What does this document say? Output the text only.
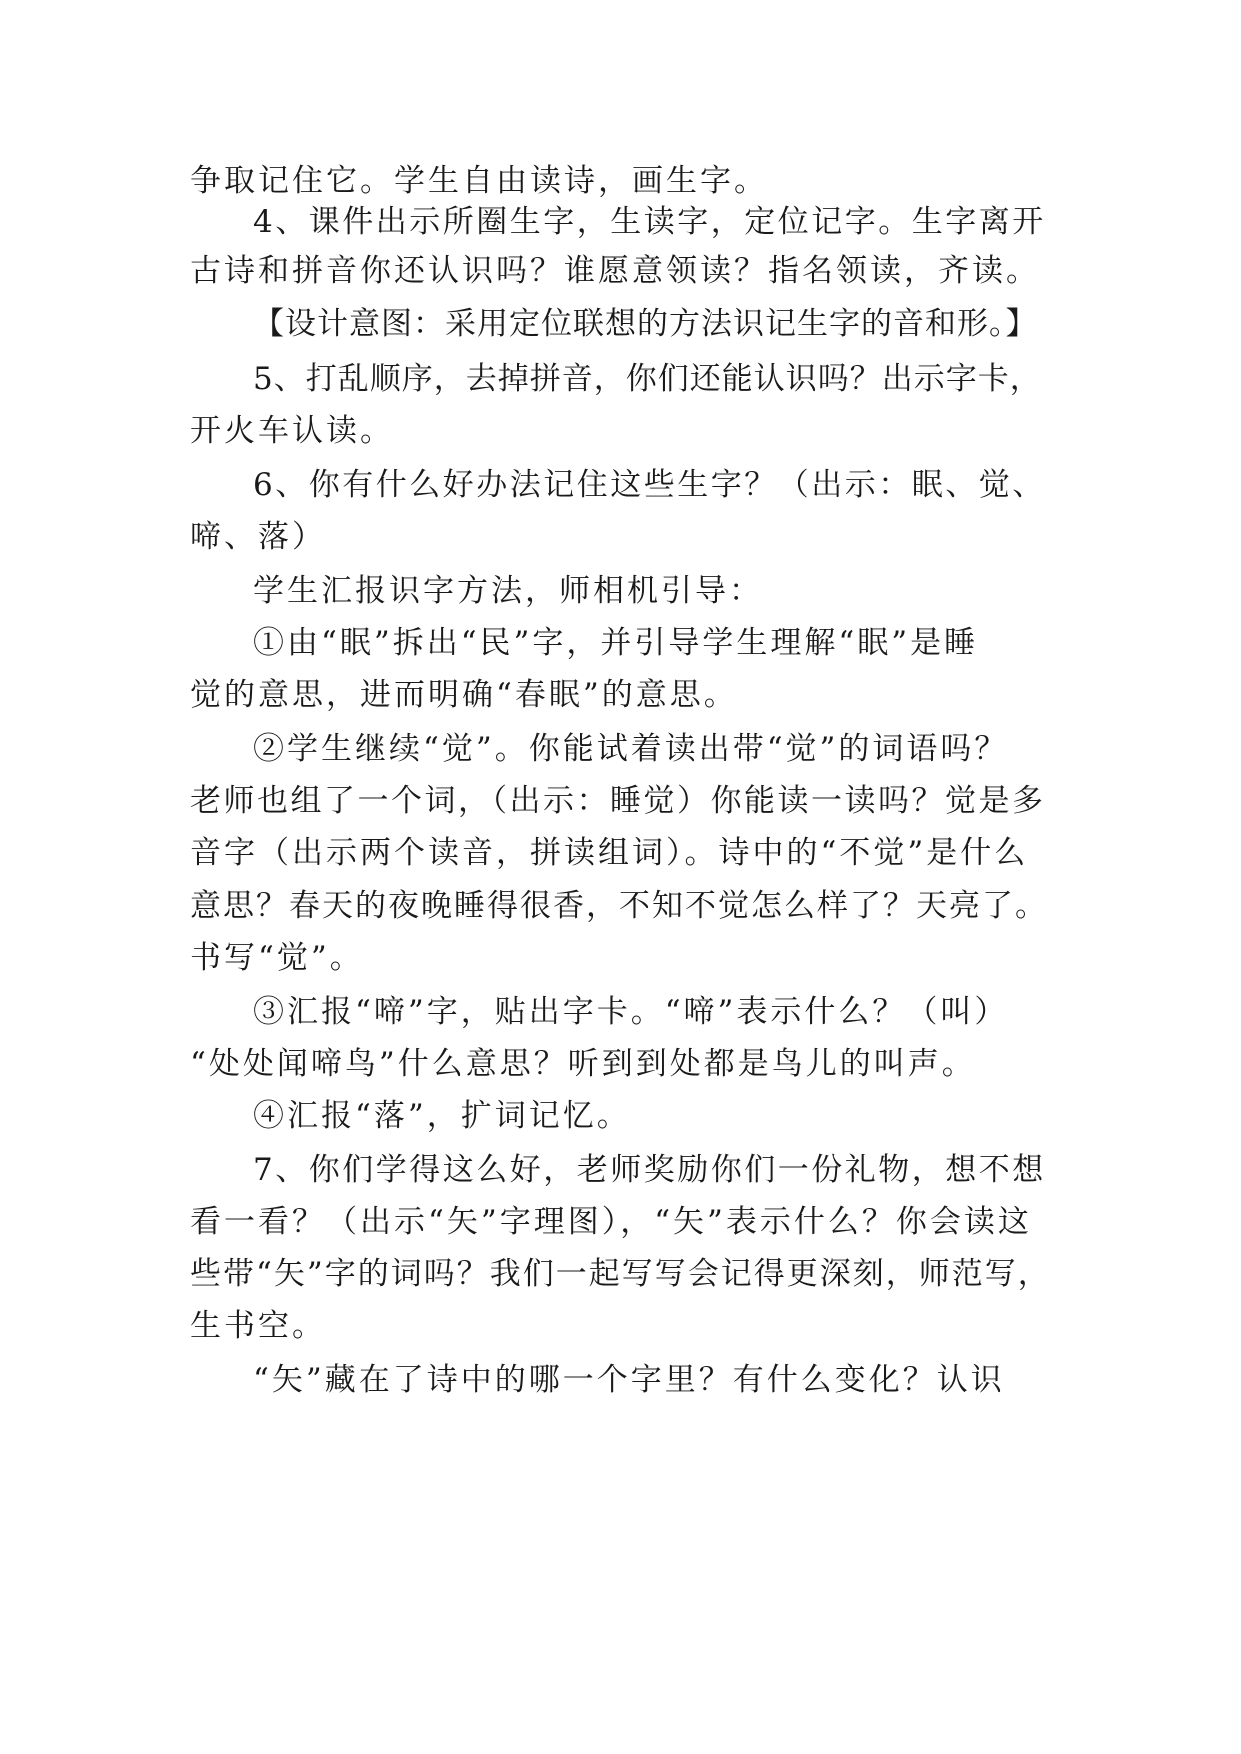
争取记住它。学生自由读诗，画生字。
4、课件出示所圈生字，生读字，定位记字。生字离开
古诗和拼音你还认识吗？谁愿意领读？指名领读，齐读。
【设计意图：采用定位联想的方法识记生字的音和形。】
5、打乱顺序，去掉拼音，你们还能认识吗？出示字卡，
开火车认读。
6、你有什么好办法记住这些生字？（出示：眠、觉、
啼、落）
学生汇报识字方法，师相机引导：
①由“眠”拆出“民”字，并引导学生理解“眠”是睡
觉的意思，进而明确“春眠”的意思。
②学生继续“觉”。你能试着读出带“觉”的词语吗？
老师也组了一个词，（出示：睡觉）你能读一读吗？觉是多
音字（出示两个读音，拼读组词）。诗中的“不觉”是什么
意思？春天的夜晚睡得很香，不知不觉怎么样了？天亮了。
书写“觉”。
③汇报“啼”字，贴出字卡。“啼”表示什么？（叫）
“处处闻啼鸟”什么意思？听到到处都是鸟儿的叫声。
④汇报“落”，扩词记忆。
7、你们学得这么好，老师奖励你们一份礼物，想不想
看一看？（出示“矢”字理图），“矢”表示什么？你会读这
些带“矢”字的词吗？我们一起写写会记得更深刻，师范写，
生书空。
“矢”藏在了诗中的哪一个字里？有什么变化？认识
